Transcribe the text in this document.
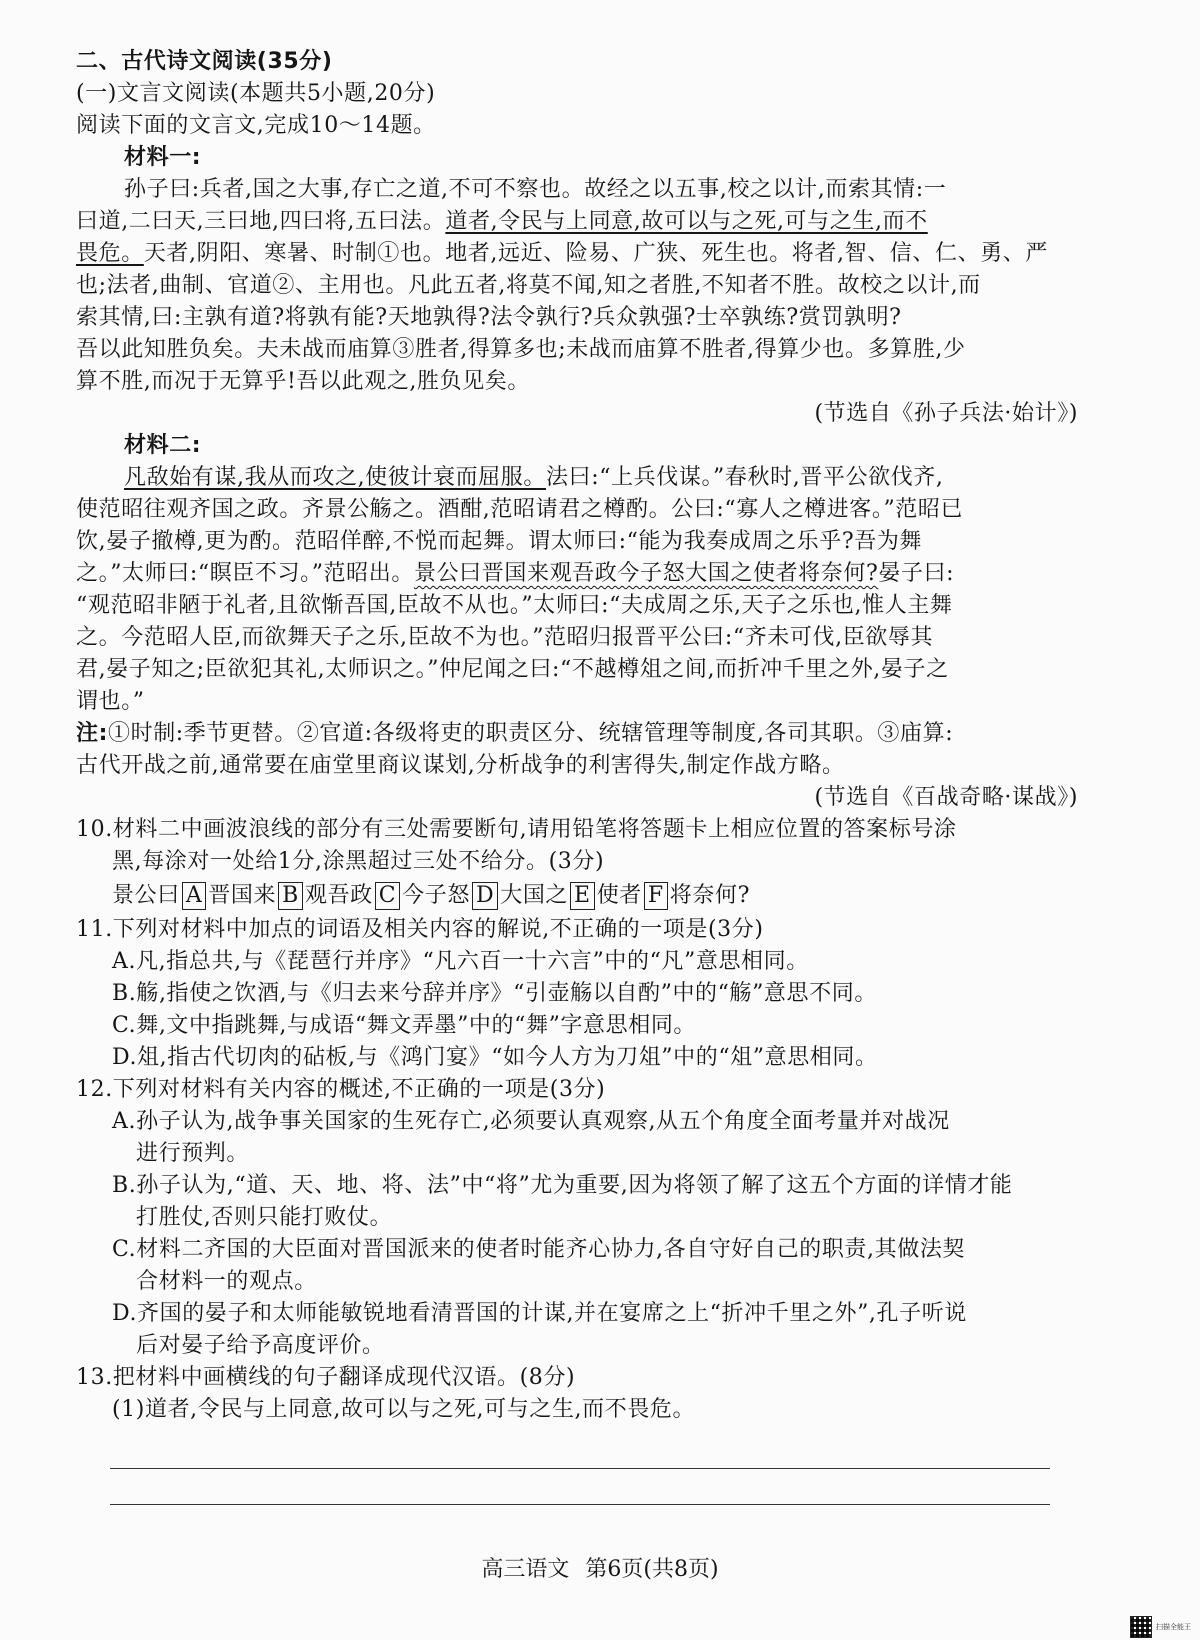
二、古代诗文阅读(35分)
(一)文言文阅读(本题共5小题,20分)
阅读下面的文言文,完成10～14题。
材料一:
孙子曰:兵者,国之大事,存亡之道,不可不察也。故经之以五事,校之以计,而索其情:一
曰道,二曰天,三曰地,四曰将,五曰法。道者,令民与上同意,故可以与之死,可与之生,而不
畏危。天者,阴阳、寒暑、时制①也。地者,远近、险易、广狭、死生也。将者,智、信、仁、勇、严
也;法者,曲制、官道②、主用也。凡此五者,将莫不闻,知之者胜,不知者不胜。故校之以计,而
索其情,曰:主孰有道?将孰有能?天地孰得?法令孰行?兵众孰强?士卒孰练?赏罚孰明?
吾以此知胜负矣。夫未战而庙算③胜者,得算多也;未战而庙算不胜者,得算少也。多算胜,少
算不胜,而况于无算乎!吾以此观之,胜负见矣。
(节选自《孙子兵法·始计》)
材料二:
凡敌始有谋,我从而攻之,使彼计衰而屈服。法曰:“上兵伐谋。”春秋时,晋平公欲伐齐,
使范昭往观齐国之政。齐景公觞之。酒酣,范昭请君之樽酌。公曰:“寡人之樽进客。”范昭已
饮,晏子撤樽,更为酌。范昭佯醉,不悦而起舞。谓太师曰:“能为我奏成周之乐乎?吾为舞
之。”太师曰:“瞑臣不习。”范昭出。景公曰晋国来观吾政今子怒大国之使者将奈何?晏子曰:
“观范昭非陋于礼者,且欲惭吾国,臣故不从也。”太师曰:“夫成周之乐,天子之乐也,惟人主舞
之。今范昭人臣,而欲舞天子之乐,臣故不为也。”范昭归报晋平公曰:“齐未可伐,臣欲辱其
君,晏子知之;臣欲犯其礼,太师识之。”仲尼闻之曰:“不越樽俎之间,而折冲千里之外,晏子之
谓也。”
注:①时制:季节更替。②官道:各级将吏的职责区分、统辖管理等制度,各司其职。③庙算:
古代开战之前,通常要在庙堂里商议谋划,分析战争的利害得失,制定作战方略。
(节选自《百战奇略·谋战》)
10.材料二中画波浪线的部分有三处需要断句,请用铅笔将答题卡上相应位置的答案标号涂
黑,每涂对一处给1分,涂黑超过三处不给分。(3分)
景公曰 A 晋国来 B 观吾政 C 今子怒 D 大国之 E 使者 F 将奈何?
11.下列对材料中加点的词语及相关内容的解说,不正确的一项是(3分)
A.凡,指总共,与《琵琶行并序》“凡六百一十六言”中的“凡”意思相同。
B.觞,指使之饮酒,与《归去来兮辞并序》“引壶觞以自酌”中的“觞”意思不同。
C.舞,文中指跳舞,与成语“舞文弄墨”中的“舞”字意思相同。
D.俎,指古代切肉的砧板,与《鸿门宴》“如今人方为刀俎”中的“俎”意思相同。
12.下列对材料有关内容的概述,不正确的一项是(3分)
A.孙子认为,战争事关国家的生死存亡,必须要认真观察,从五个角度全面考量并对战况
进行预判。
B.孙子认为,“道、天、地、将、法”中“将”尤为重要,因为将领了解了这五个方面的详情才能
打胜仗,否则只能打败仗。
C.材料二齐国的大臣面对晋国派来的使者时能齐心协力,各自守好自己的职责,其做法契
合材料一的观点。
D.齐国的晏子和太师能敏锐地看清晋国的计谋,并在宴席之上“折冲千里之外”,孔子听说
后对晏子给予高度评价。
13.把材料中画横线的句子翻译成现代汉语。(8分)
(1)道者,令民与上同意,故可以与之死,可与之生,而不畏危。
高三语文 第6页(共8页)
扫描全能王
